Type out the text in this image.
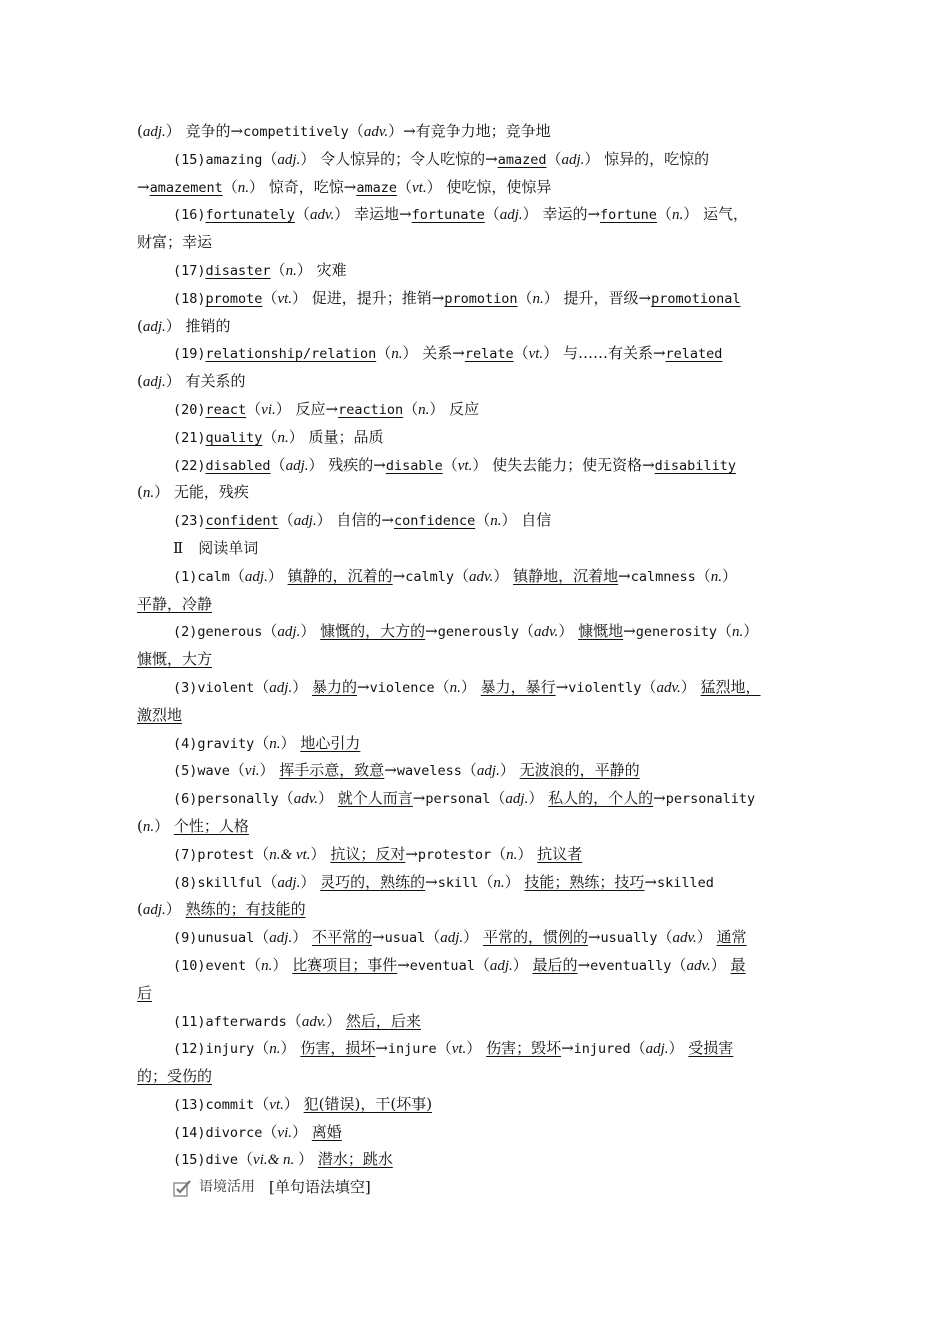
(adj.） 竞争的→competitively（adv.）→有竞争力地；竞争地
(15)amazing（adj.） 令人惊异的；令人吃惊的→amazed（adj.） 惊异的，吃惊的
→amazement（n.） 惊奇，吃惊→amaze（vt.） 使吃惊，使惊异
(16)fortunately（adv.） 幸运地→fortunate（adj.） 幸运的→fortune（n.） 运气，
财富；幸运
(17)disaster（n.） 灾难
(18)promote（vt.） 促进，提升；推销→promotion（n.） 提升，晋级→promotional
(adj.） 推销的
(19)relationship/relation（n.） 关系→relate（vt.） 与……有关系→related
(adj.） 有关系的
(20)react（vi.） 反应→reaction（n.） 反应
(21)quality（n.） 质量；品质
(22)disabled（adj.） 残疾的→disable（vt.） 使失去能力；使无资格→disability
(n.） 无能，残疾
(23)confident（adj.） 自信的→confidence（n.） 自信
Ⅱ　阅读单词
(1)calm（adj.） 镇静的，沉着的→calmly（adv.） 镇静地，沉着地→calmness（n.）
平静，冷静
(2)generous（adj.） 慷慨的，大方的→generously（adv.） 慷慨地→generosity（n.）
慷慨，大方
(3)violent（adj.） 暴力的→violence（n.） 暴力，暴行→violently（adv.） 猛烈地，
激烈地
(4)gravity（n.） 地心引力
(5)wave（vi.） 挥手示意，致意→waveless（adj.） 无波浪的，平静的
(6)personally（adv.） 就个人而言→personal（adj.） 私人的，个人的→personality
(n.） 个性；人格
(7)protest（n.& vt.） 抗议；反对→protestor（n.） 抗议者
(8)skillful（adj.） 灵巧的，熟练的→skill（n.） 技能；熟练；技巧→skilled
(adj.） 熟练的；有技能的
(9)unusual（adj.） 不平常的→usual（adj.） 平常的，惯例的→usually（adv.） 通常
(10)event（n.） 比赛项目；事件→eventual（adj.） 最后的→eventually（adv.） 最
后
(11)afterwards（adv.） 然后，后来
(12)injury（n.） 伤害，损坏→injure（vt.） 伤害；毁坏→injured（adj.） 受损害
的；受伤的
(13)commit（vt.） 犯(错误)，干(坏事)
(14)divorce（vi.） 离婚
(15)dive（vi.& n. ） 潜水；跳水
语境活用 [单句语法填空]
